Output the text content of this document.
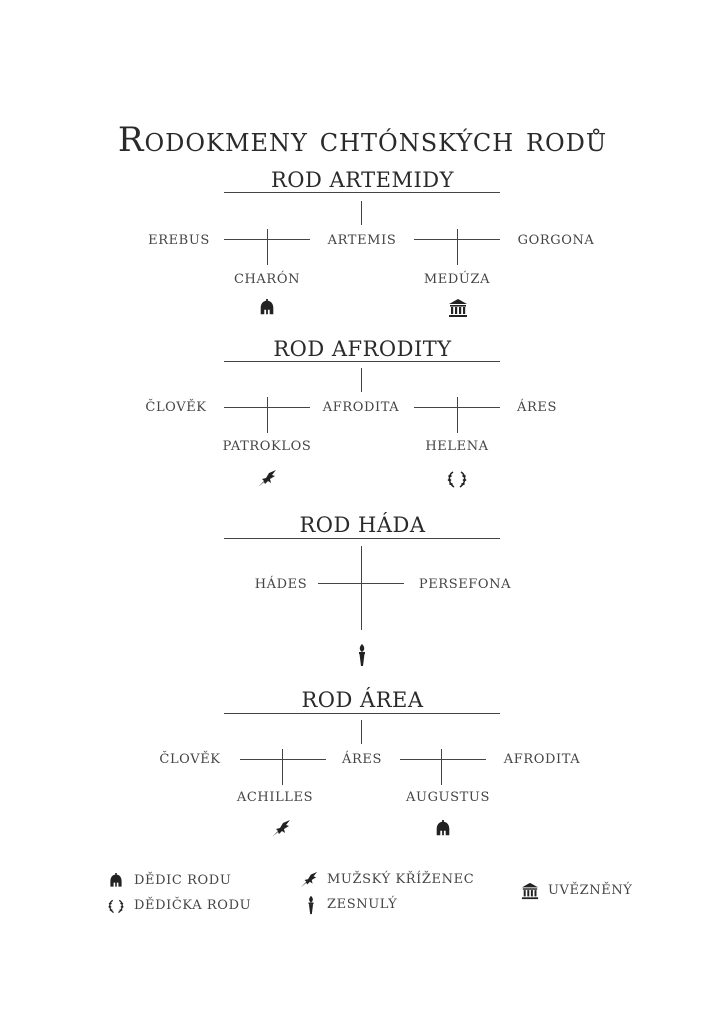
Rodokmeny chtónských rodů
ROD ARTEMIDY
EREBUS	ARTEMIS	GORGONA
CHARÓN	MEDÚZA
ROD AFRODITY
ČLOVĚK	AFRODITA	ÁRES
PATROKLOS	HELENA
ROD HÁDA
HÁDES	PERSEFONA
ROD ÁREA
ČLOVĚK	ÁRES	AFRODITA
ACHILLES	AUGUSTUS
DĚDIC RODU
DĚDIČKA RODU
MUŽSKÝ KŘÍŽENEC
ZESNULÝ
UVĚZNĚNÝ
